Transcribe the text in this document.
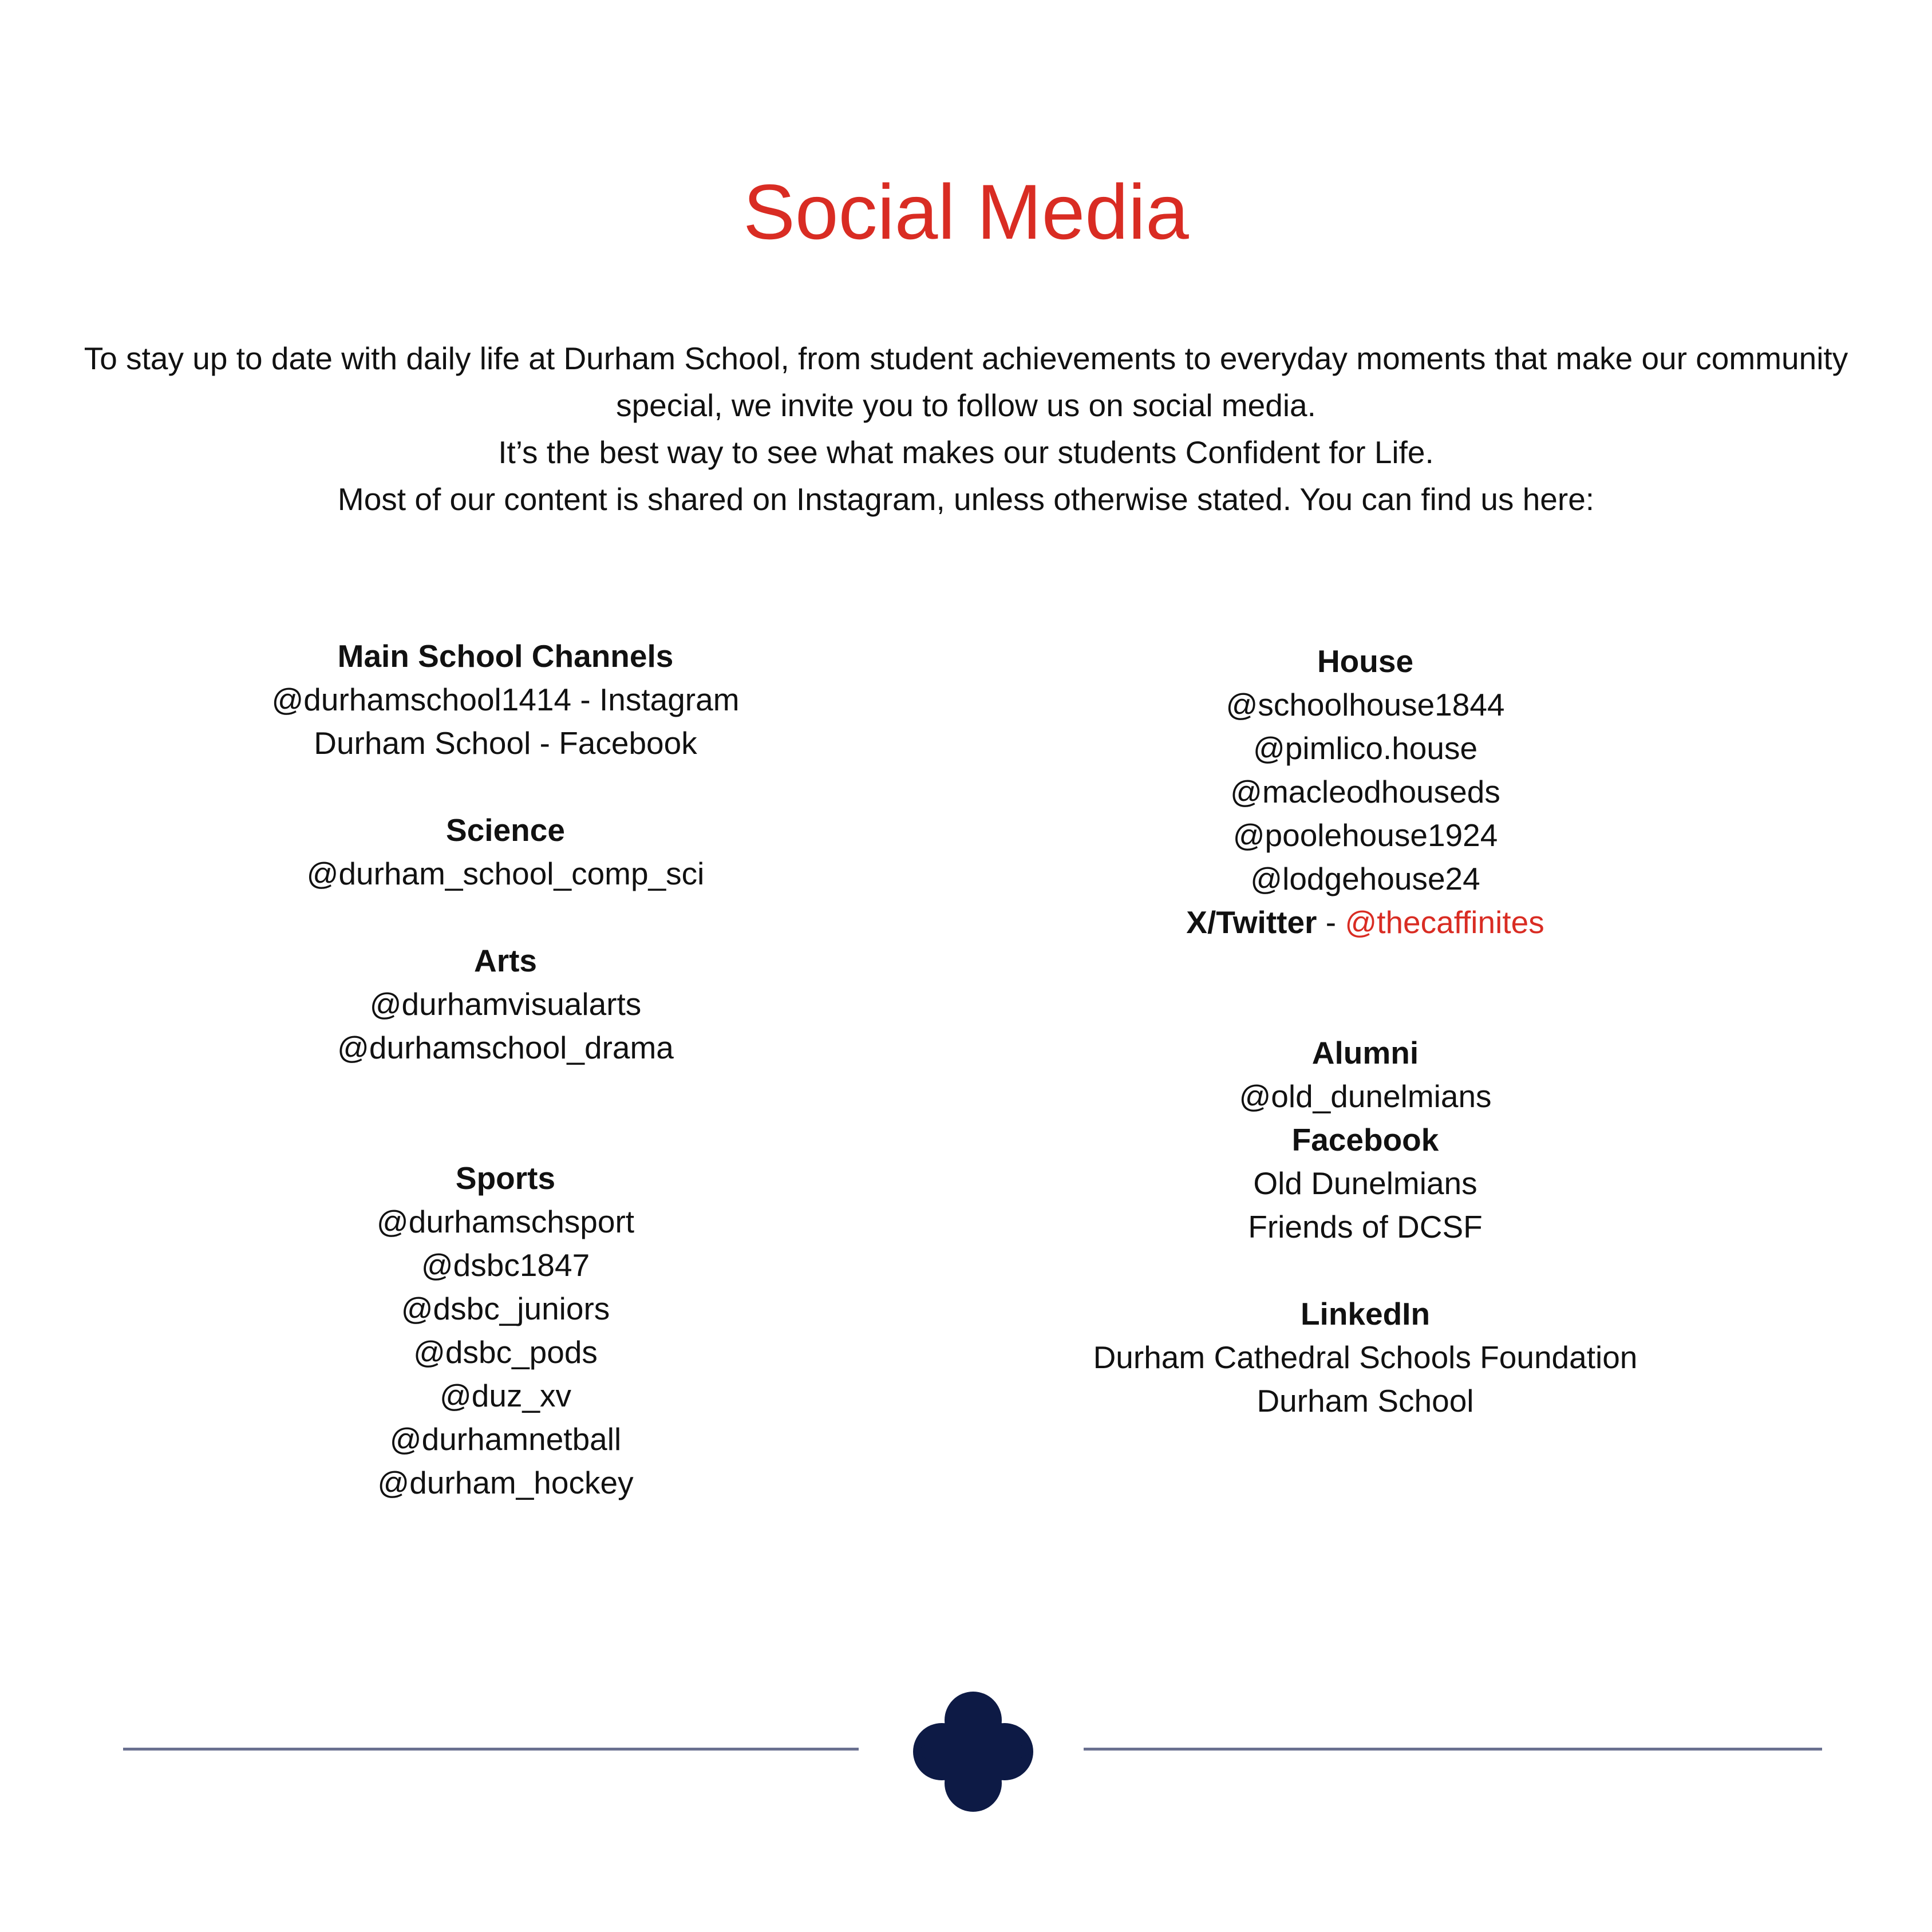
Social Media

To stay up to date with daily life at Durham School, from student achievements to everyday moments that make our community special, we invite you to follow us on social media.

It’s the best way to see what makes our students Confident for Life.

Most of our content is shared on Instagram, unless otherwise stated. You can find us here:

Main School Channels
@durhamschool1414 - Instagram
Durham School - Facebook
Science
@durham_school_comp_sci
Arts
@durhamvisualarts
@durhamschool_drama
Sports
@durhamschsport
@dsbc1847
@dsbc_juniors
@dsbc_pods
@duz_xv
@durhamnetball
@durham_hockey
House
@schoolhouse1844
@pimlico.house
@macleodhouseds
@poolehouse1924
@lodgehouse24
X/Twitter - @thecaffinites
Alumni
@old_dunelmians
Facebook
Old Dunelmians
Friends of DCSF
LinkedIn
Durham Cathedral Schools Foundation
Durham School
